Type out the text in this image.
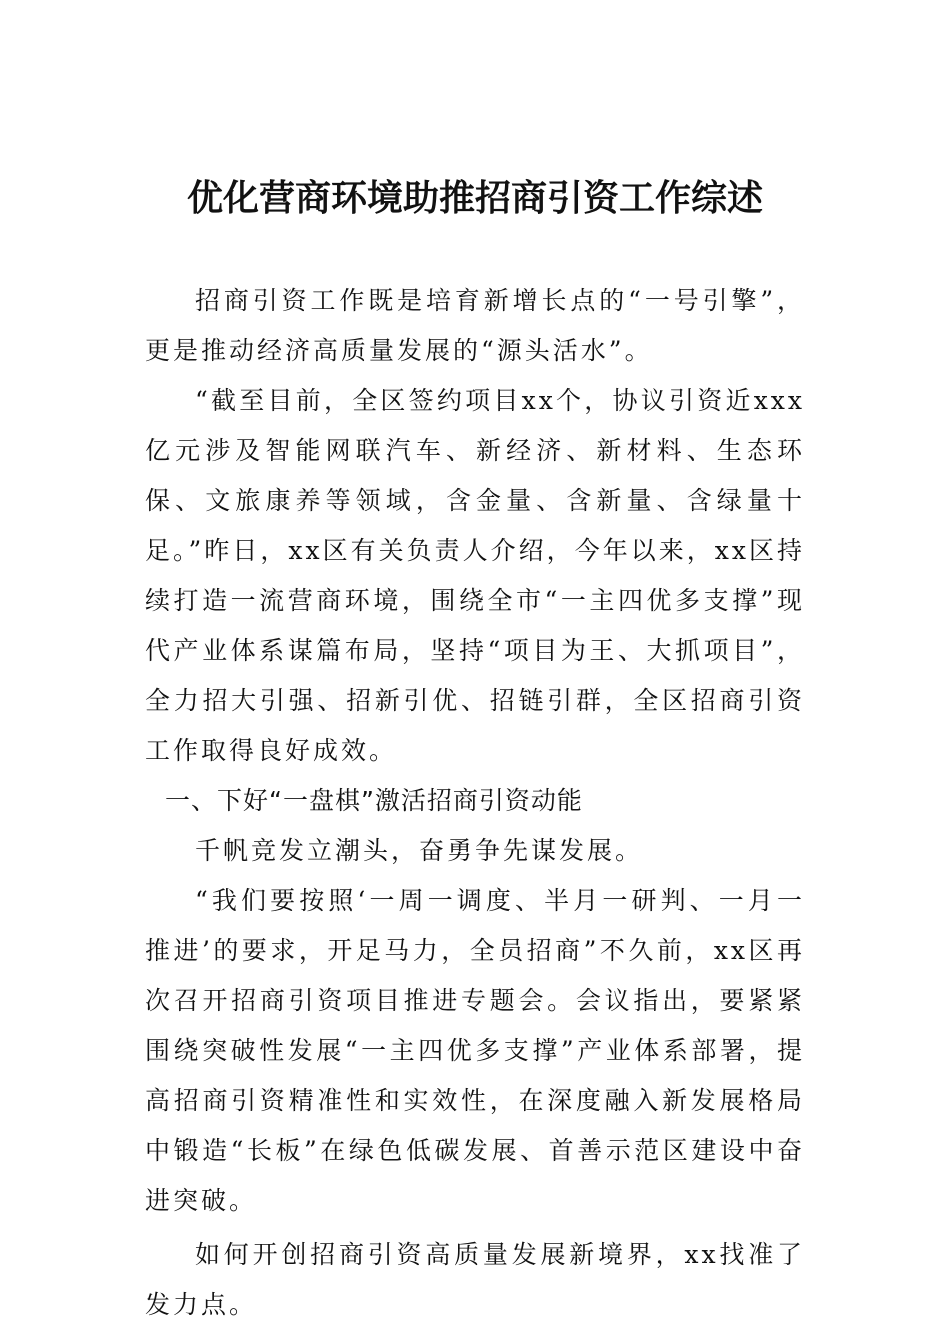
优化营商环境助推招商引资工作综述

招商引资工作既是培育新增长点的“一号引擎”，更是推动经济高质量发展的“源头活水”。

“截至目前，全区签约项目xx个，协议引资近xxx亿元涉及智能网联汽车、新经济、新材料、生态环保、文旅康养等领域，含金量、含新量、含绿量十足。”昨日，xx区有关负责人介绍，今年以来，xx区持续打造一流营商环境，围绕全市“一主四优多支撑”现代产业体系谋篇布局，坚持“项目为王、大抓项目”，全力招大引强、招新引优、招链引群，全区招商引资工作取得良好成效。

一、下好“一盘棋”激活招商引资动能

千帆竞发立潮头，奋勇争先谋发展。

“我们要按照‘一周一调度、半月一研判、一月一推进’的要求，开足马力，全员招商”不久前，xx区再次召开招商引资项目推进专题会。会议指出，要紧紧围绕突破性发展“一主四优多支撑”产业体系部署，提高招商引资精准性和实效性，在深度融入新发展格局中锻造“长板”在绿色低碳发展、首善示范区建设中奋进突破。

如何开创招商引资高质量发展新境界，xx找准了发力点。
